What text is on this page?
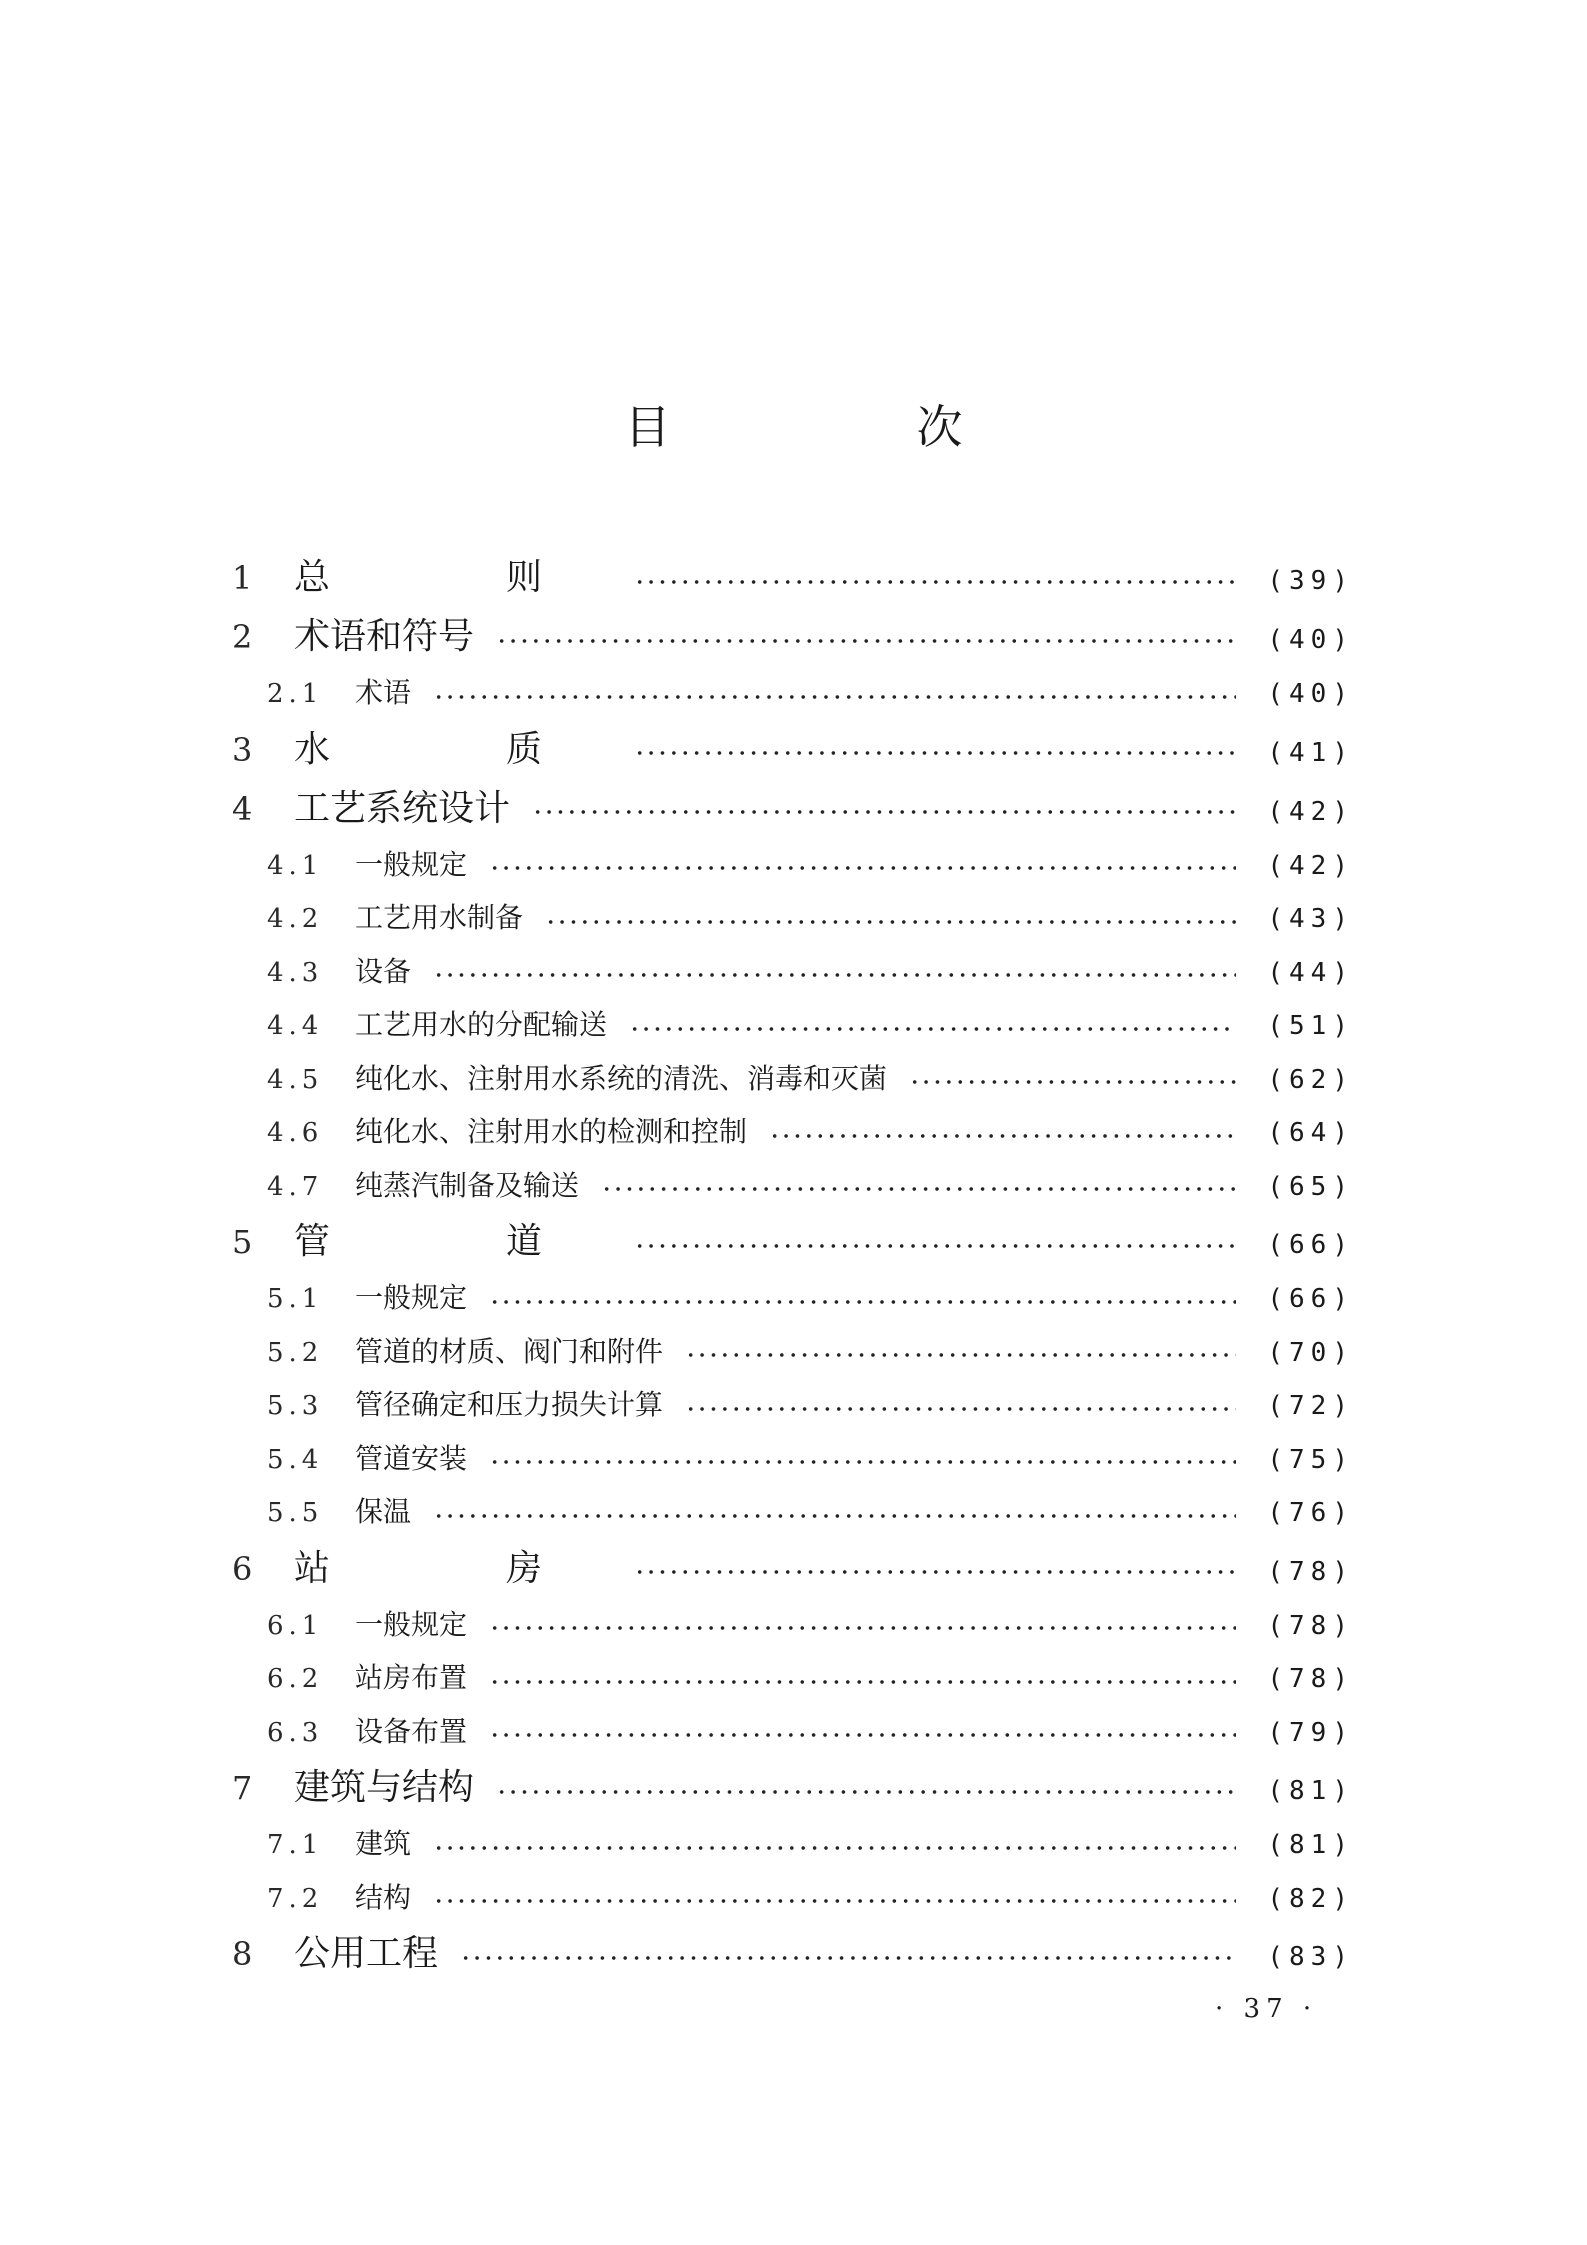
目　次
1	总　则	(39)
2	术语和符号	(40)
2.1	术语	(40)
3	水　质	(41)
4	工艺系统设计	(42)
4.1	一般规定	(42)
4.2	工艺用水制备	(43)
4.3	设备	(44)
4.4	工艺用水的分配输送	(51)
4.5	纯化水、注射用水系统的清洗、消毒和灭菌	(62)
4.6	纯化水、注射用水的检测和控制	(64)
4.7	纯蒸汽制备及输送	(65)
5	管　道	(66)
5.1	一般规定	(66)
5.2	管道的材质、阀门和附件	(70)
5.3	管径确定和压力损失计算	(72)
5.4	管道安装	(75)
5.5	保温	(76)
6	站　房	(78)
6.1	一般规定	(78)
6.2	站房布置	(78)
6.3	设备布置	(79)
7	建筑与结构	(81)
7.1	建筑	(81)
7.2	结构	(82)
8	公用工程	(83)
· 37 ·
